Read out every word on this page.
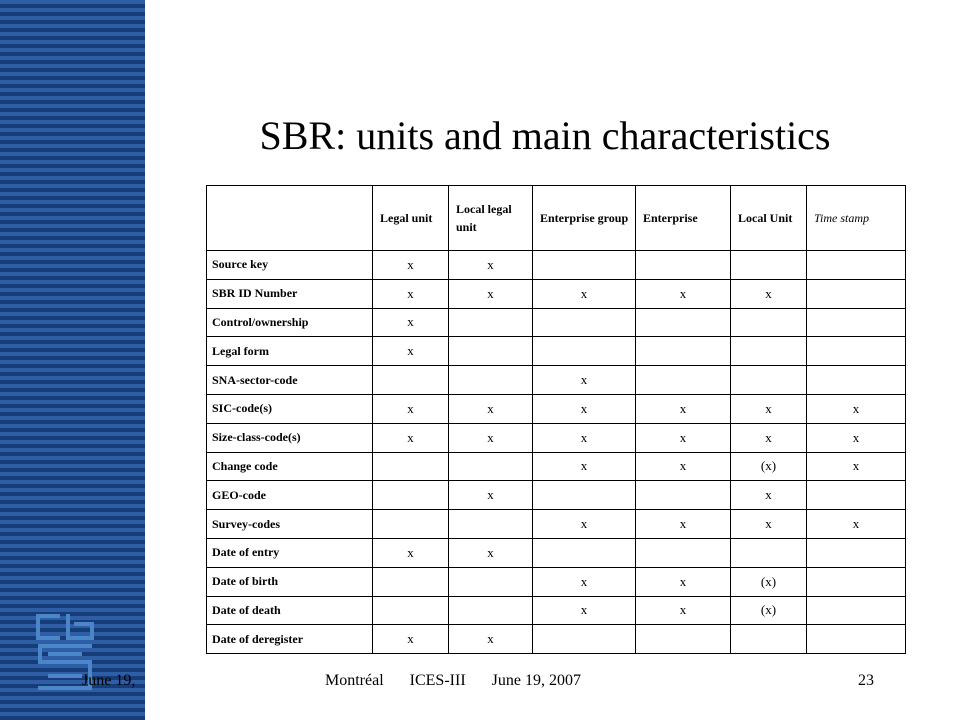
SBR: units and main characteristics
	Legal unit	Local legal unit	Enterprise group	Enterprise	Local Unit	Time stamp
Source key	x	x				
SBR ID Number	x	x	x	x	x	
Control/ownership	x					
Legal form	x					
SNA-sector-code			x			
SIC-code(s)	x	x	x	x	x	x
Size-class-code(s)	x	x	x	x	x	x
Change code			x	x	(x)	x
GEO-code		x			x	
Survey-codes			x	x	x	x
Date of entry	x	x				
Date of birth			x	x	(x)	
Date of death			x	x	(x)	
Date of deregister	x	x				
June 19,	Montréal ICES-III June 19, 2007	23
